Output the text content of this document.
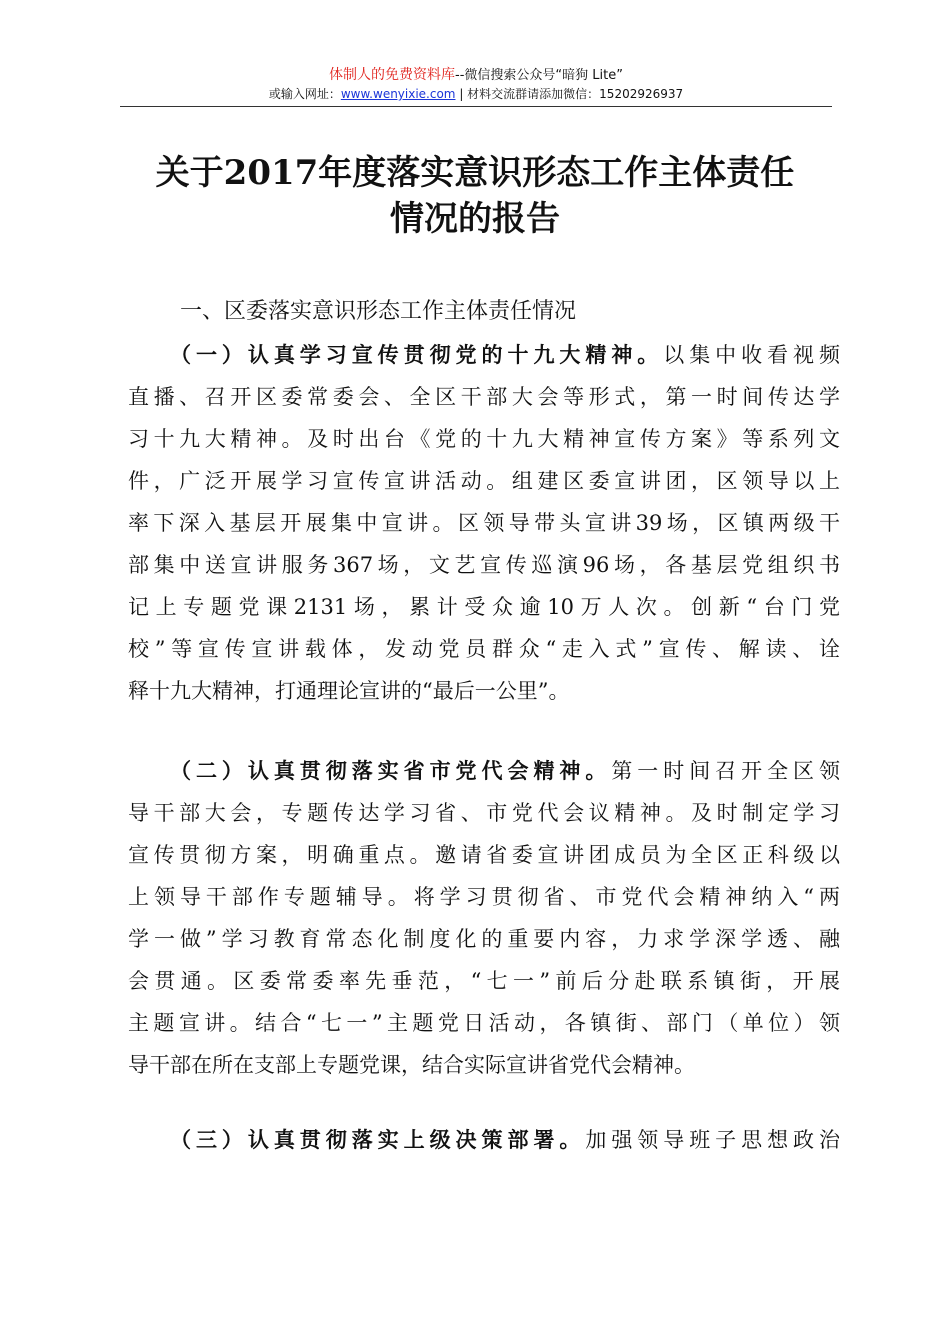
体制人的免费资料库--微信搜索公众号“暗狗 Lite”
或输入网址：www.wenyixie.com | 材料交流群请添加微信：15202926937
关于2017年度落实意识形态工作主体责任
情况的报告
一、区委落实意识形态工作主体责任情况
（一）认真学习宣传贯彻党的十九大精神。以集中收看视频
直播、召开区委常委会、全区干部大会等形式，第一时间传达学
习十九大精神。及时出台《党的十九大精神宣传方案》等系列文
件，广泛开展学习宣传宣讲活动。组建区委宣讲团，区领导以上
率下深入基层开展集中宣讲。区领导带头宣讲39场，区镇两级干
部集中送宣讲服务367场，文艺宣传巡演96场，各基层党组织书
记上专题党课2131场，累计受众逾10万人次。创新“台门党
校”等宣传宣讲载体，发动党员群众“走入式”宣传、解读、诠
释十九大精神，打通理论宣讲的“最后一公里”。
（二）认真贯彻落实省市党代会精神。第一时间召开全区领
导干部大会，专题传达学习省、市党代会议精神。及时制定学习
宣传贯彻方案，明确重点。邀请省委宣讲团成员为全区正科级以
上领导干部作专题辅导。将学习贯彻省、市党代会精神纳入“两
学一做”学习教育常态化制度化的重要内容，力求学深学透、融
会贯通。区委常委率先垂范，“七一”前后分赴联系镇街，开展
主题宣讲。结合“七一”主题党日活动，各镇街、部门（单位）领
导干部在所在支部上专题党课，结合实际宣讲省党代会精神。
（三）认真贯彻落实上级决策部署。加强领导班子思想政治
